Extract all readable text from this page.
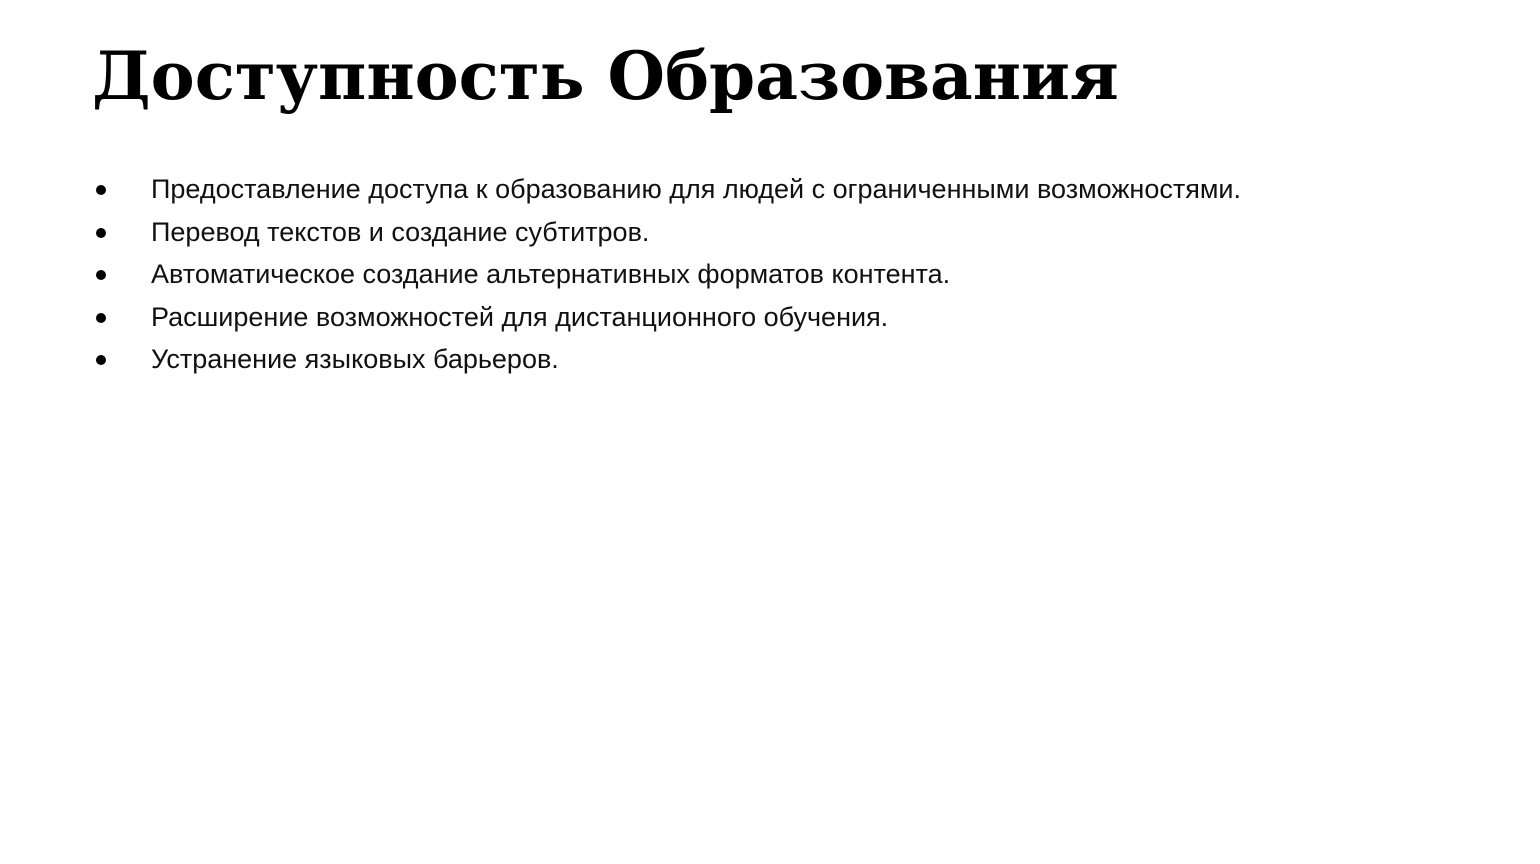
Доступность Образования
Предоставление доступа к образованию для людей с ограниченными возможностями.
Перевод текстов и создание субтитров.
Автоматическое создание альтернативных форматов контента.
Расширение возможностей для дистанционного обучения.
Устранение языковых барьеров.
